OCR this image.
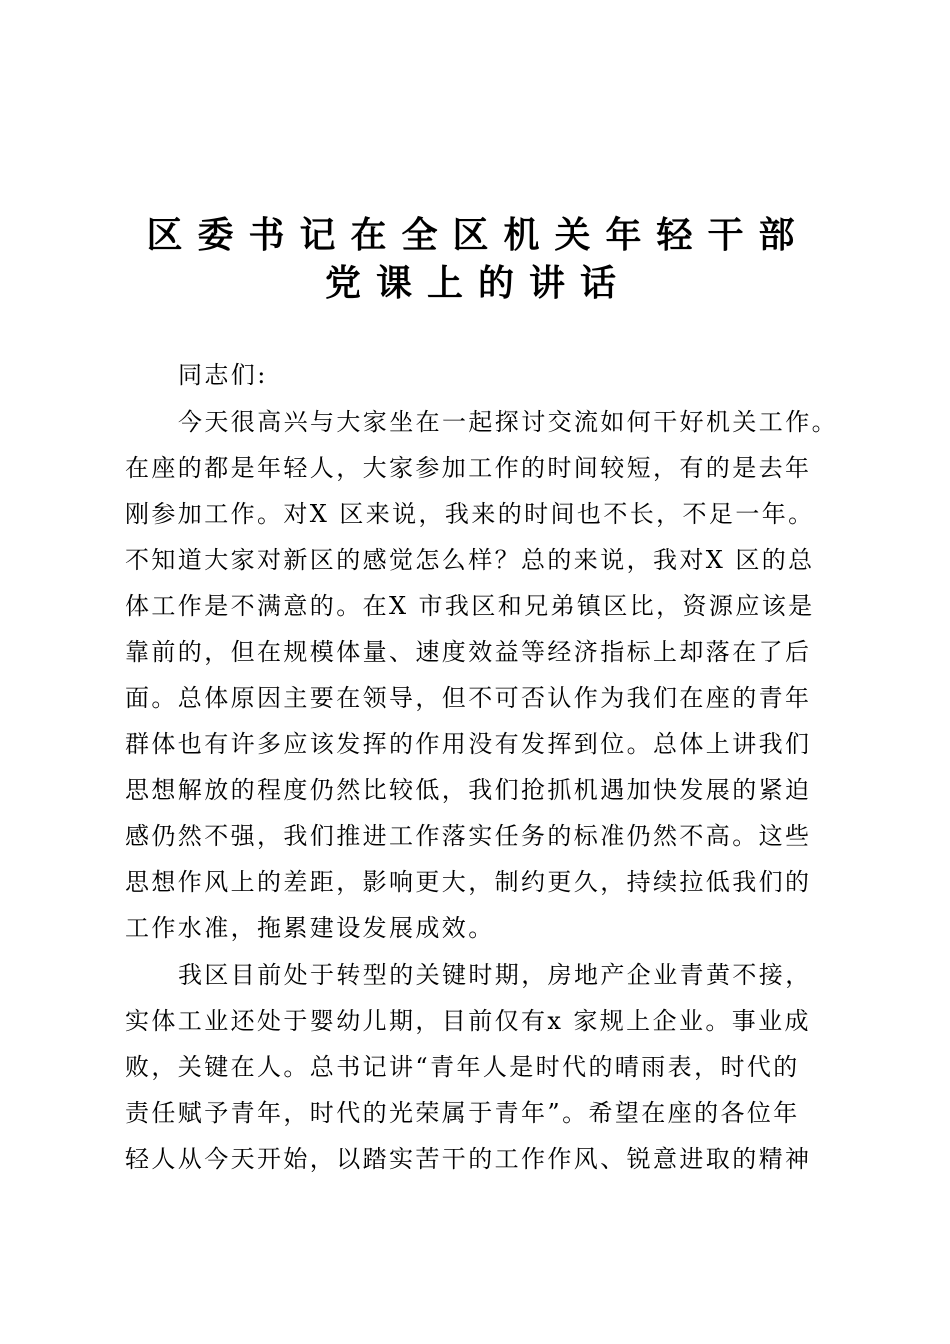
区委书记在全区机关年轻干部
党课上的讲话
同志们:
今天很高兴与大家坐在一起探讨交流如何干好机关工作。
在座的都是年轻人，大家参加工作的时间较短，有的是去年
刚参加工作。对X 区来说，我来的时间也不长，不足一年。
不知道大家对新区的感觉怎么样？总的来说，我对X 区的总
体工作是不满意的。在X 市我区和兄弟镇区比，资源应该是
靠前的，但在规模体量、速度效益等经济指标上却落在了后
面。总体原因主要在领导，但不可否认作为我们在座的青年
群体也有许多应该发挥的作用没有发挥到位。总体上讲我们
思想解放的程度仍然比较低，我们抢抓机遇加快发展的紧迫
感仍然不强，我们推进工作落实任务的标准仍然不高。这些
思想作风上的差距，影响更大，制约更久，持续拉低我们的
工作水准，拖累建设发展成效。
我区目前处于转型的关键时期，房地产企业青黄不接，
实体工业还处于婴幼儿期，目前仅有x 家规上企业。事业成
败，关键在人。总书记讲“青年人是时代的晴雨表，时代的
责任赋予青年，时代的光荣属于青年”。希望在座的各位年
轻人从今天开始，以踏实苦干的工作作风、锐意进取的精神
